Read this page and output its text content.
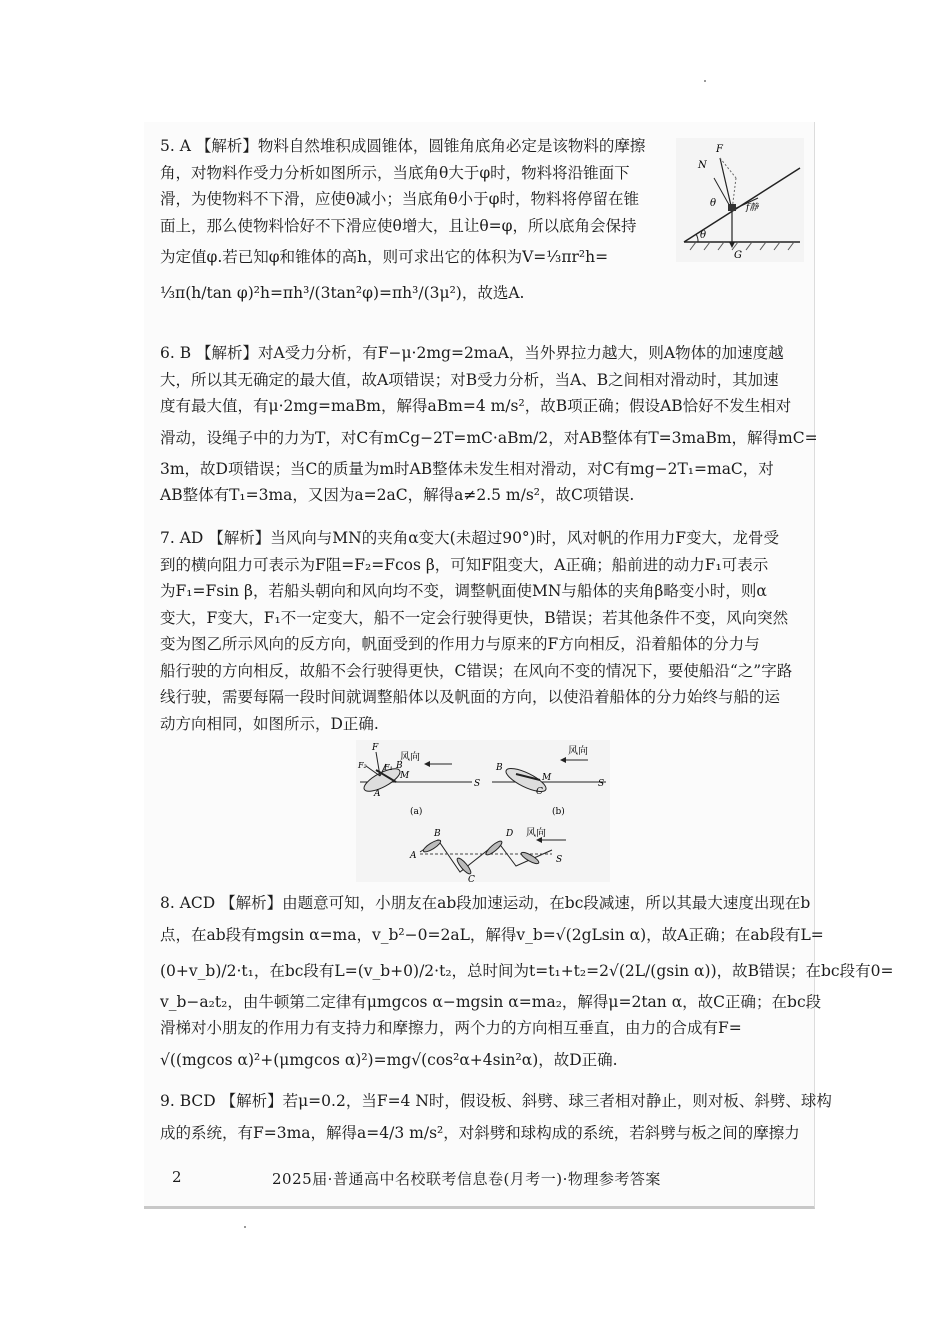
5. A 【解析】物料自然堆积成圆锥体，圆锥角底角必定是该物料的摩擦
角，对物料作受力分析如图所示，当底角θ大于φ时，物料将沿锥面下
滑，为使物料不下滑，应使θ减小；当底角θ小于φ时，物料将停留在锥
面上，那么使物料恰好不下滑应使θ增大，且让θ=φ，所以底角会保持
为定值φ.若已知φ和锥体的高h，则可求出它的体积为V=⅓πr²h=
⅓π(h/tan φ)²h=πh³/(3tan²φ)=πh³/(3μ²)，故选A.
F
N
θ	f静
θ
G
6. B 【解析】对A受力分析，有F−μ·2mg=2maA，当外界拉力越大，则A物体的加速度越
大，所以其无确定的最大值，故A项错误；对B受力分析，当A、B之间相对滑动时，其加速
度有最大值，有μ·2mg=maBm，解得aBm=4 m/s²，故B项正确；假设AB恰好不发生相对
滑动，设绳子中的力为T，对C有mCg−2T=mC·aBm/2，对AB整体有T=3maBm，解得mC=
3m，故D项错误；当C的质量为m时AB整体未发生相对滑动，对C有mg−2T₁=maC，对
AB整体有T₁=3ma，又因为a=2aC，解得a≠2.5 m/s²，故C项错误.
7. AD 【解析】当风向与MN的夹角α变大(未超过90°)时，风对帆的作用力F变大，龙骨受
到的横向阻力可表示为F阻=F₂=Fcos β，可知F阻变大，A正确；船前进的动力F₁可表示
为F₁=Fsin β，若船头朝向和风向均不变，调整帆面使MN与船体的夹角β略变小时，则α
变大，F变大，F₁不一定变大，船不一定会行驶得更快，B错误；若其他条件不变，风向突然
变为图乙所示风向的反方向，帆面受到的作用力与原来的F方向相反，沿着船体的分力与
船行驶的方向相反，故船不会行驶得更快，C错误；在风向不变的情况下，要使船沿“之”字路
线行驶，需要每隔一段时间就调整船体以及帆面的方向，以使沿着船体的分力始终与船的运
动方向相同，如图所示，D正确.
F
F₂ F₁ B
M
A
S
风向
(a)
B
M
C
S
风向
(b)
B	D
A
C
S
风向
8. ACD 【解析】由题意可知，小朋友在ab段加速运动，在bc段减速，所以其最大速度出现在b
点，在ab段有mgsin α=ma，v_b²−0=2aL，解得v_b=√(2gLsin α)，故A正确；在ab段有L=
(0+v_b)/2·t₁，在bc段有L=(v_b+0)/2·t₂，总时间为t=t₁+t₂=2√(2L/(gsin α))，故B错误；在bc段有0=
v_b−a₂t₂，由牛顿第二定律有μmgcos α−mgsin α=ma₂，解得μ=2tan α，故C正确；在bc段
滑梯对小朋友的作用力有支持力和摩擦力，两个力的方向相互垂直，由力的合成有F=
√((mgcos α)²+(μmgcos α)²)=mg√(cos²α+4sin²α)，故D正确.
9. BCD 【解析】若μ=0.2，当F=4 N时，假设板、斜劈、球三者相对静止，则对板、斜劈、球构
成的系统，有F=3ma，解得a=4/3 m/s²，对斜劈和球构成的系统，若斜劈与板之间的摩擦力
2	2025届·普通高中名校联考信息卷(月考一)·物理参考答案
